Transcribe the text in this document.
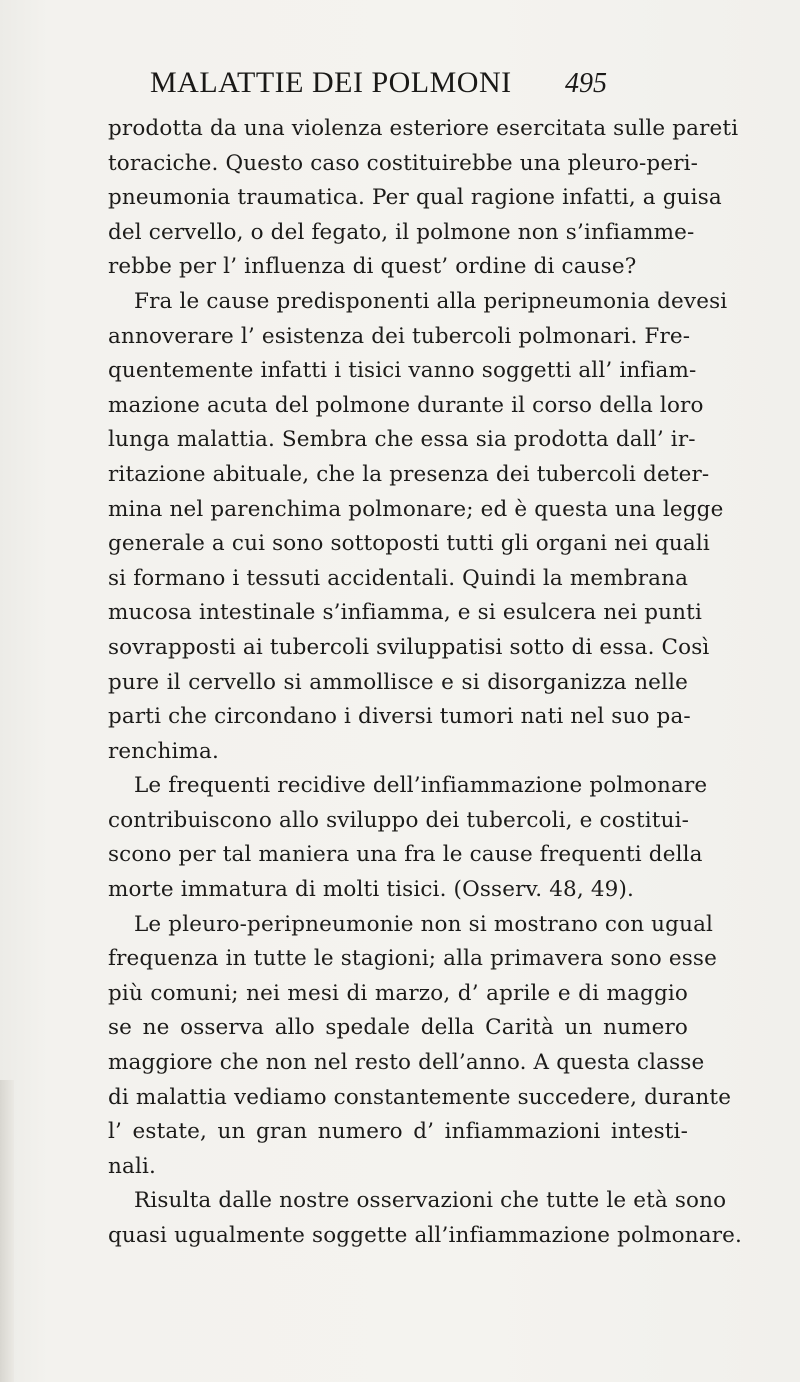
MALATTIE DEI POLMONI 495
prodotta da una violenza esteriore esercitata sulle pareti
toraciche. Questo caso costituirebbe una pleuro-peri-
pneumonia traumatica. Per qual ragione infatti, a guisa
del cervello, o del fegato, il polmone non s’infiamme-
rebbe per l’ influenza di quest’ ordine di cause?
Fra le cause predisponenti alla peripneumonia devesi
annoverare l’ esistenza dei tubercoli polmonari. Fre-
quentemente infatti i tisici vanno soggetti all’ infiam-
mazione acuta del polmone durante il corso della loro
lunga malattia. Sembra che essa sia prodotta dall’ ir-
ritazione abituale, che la presenza dei tubercoli deter-
mina nel parenchima polmonare; ed è questa una legge
generale a cui sono sottoposti tutti gli organi nei quali
si formano i tessuti accidentali. Quindi la membrana
mucosa intestinale s’infiamma, e si esulcera nei punti
sovrapposti ai tubercoli sviluppatisi sotto di essa. Così
pure il cervello si ammollisce e si disorganizza nelle
parti che circondano i diversi tumori nati nel suo pa-
renchima.
Le frequenti recidive dell’infiammazione polmonare
contribuiscono allo sviluppo dei tubercoli, e costitui-
scono per tal maniera una fra le cause frequenti della
morte immatura di molti tisici. (Osserv. 48, 49).
Le pleuro-peripneumonie non si mostrano con ugual
frequenza in tutte le stagioni; alla primavera sono esse
più comuni; nei mesi di marzo, d’ aprile e di maggio
se ne osserva allo spedale della Carità un numero
maggiore che non nel resto dell’anno. A questa classe
di malattia vediamo constantemente succedere, durante
l’ estate, un gran numero d’ infiammazioni intesti-
nali.
Risulta dalle nostre osservazioni che tutte le età sono
quasi ugualmente soggette all’infiammazione polmonare.
